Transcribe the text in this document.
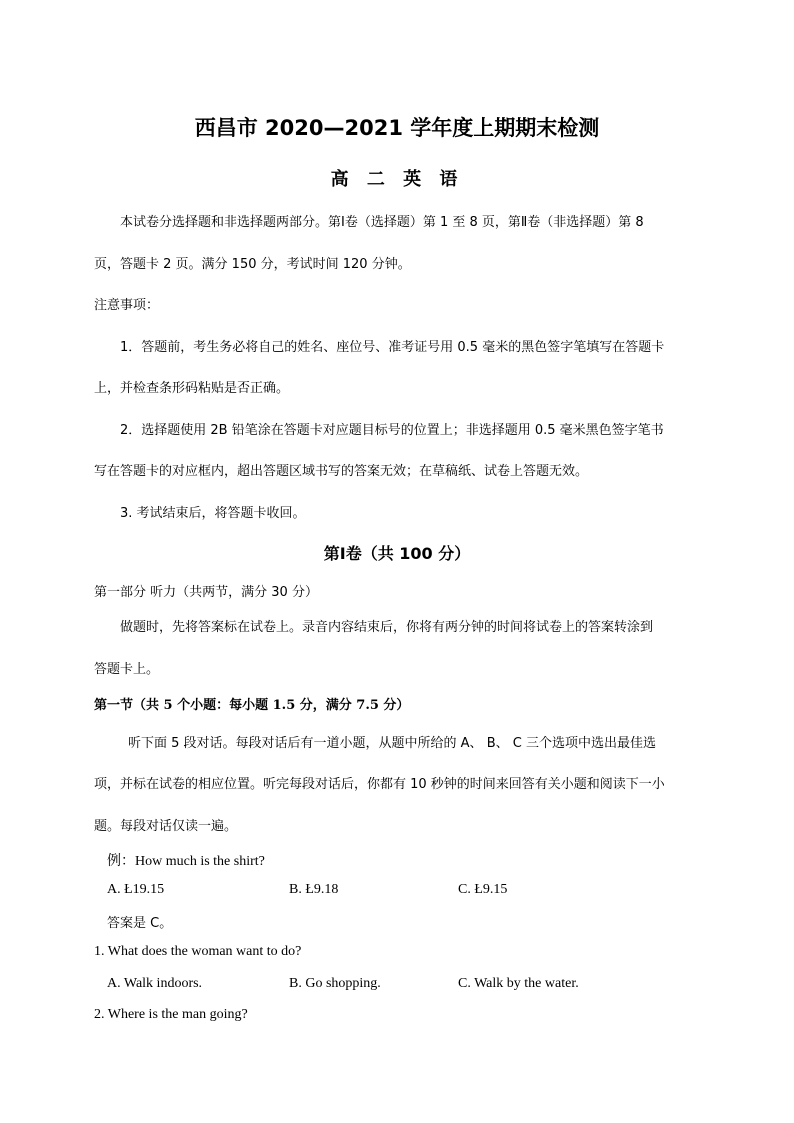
西昌市 2020—2021 学年度上期期末检测
高 二 英 语
本试卷分选择题和非选择题两部分。第Ⅰ卷（选择题）第 1 至 8 页，第Ⅱ卷（非选择题）第 8
页，答题卡 2 页。满分 150 分，考试时间 120 分钟。
注意事项：
1．答题前，考生务必将自己的姓名、座位号、准考证号用 0.5 毫米的黑色签字笔填写在答题卡
上，并检查条形码粘贴是否正确。
2．选择题使用 2B 铅笔涂在答题卡对应题目标号的位置上；非选择题用 0.5 毫米黑色签字笔书
写在答题卡的对应框内，超出答题区域书写的答案无效；在草稿纸、试卷上答题无效。
3. 考试结束后，将答题卡收回。
第Ⅰ卷（共 100 分）
第一部分 听力（共两节，满分 30 分）
做题时，先将答案标在试卷上。录音内容结束后，你将有两分钟的时间将试卷上的答案转涂到
答题卡上。
第一节（共 5 个小题：每小题 1.5 分，满分 7.5 分）
听下面 5 段对话。每段对话后有一道小题，从题中所给的 A、 B、 C 三个选项中选出最佳选
项，并标在试卷的相应位置。听完每段对话后，你都有 10 秒钟的时间来回答有关小题和阅读下一小
题。每段对话仅读一遍。
例：How much is the shirt?
A. Ł19.15	B. Ł9.18	C. Ł9.15
答案是 C。
1. What does the woman want to do?
A. Walk indoors.	B. Go shopping.	C. Walk by the water.
2. Where is the man going?
